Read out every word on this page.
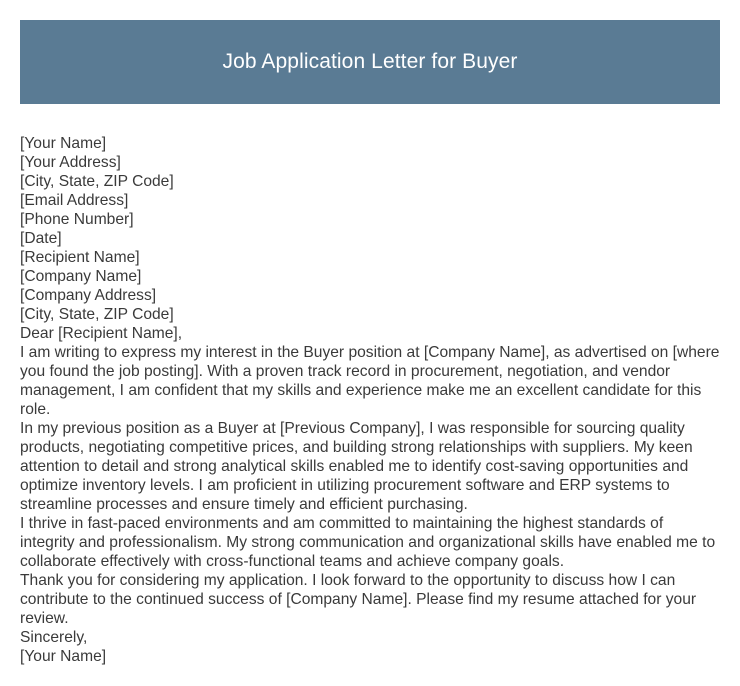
Job Application Letter for Buyer
[Your Name]
[Your Address]
[City, State, ZIP Code]
[Email Address]
[Phone Number]
[Date]
[Recipient Name]
[Company Name]
[Company Address]
[City, State, ZIP Code]
Dear [Recipient Name],
I am writing to express my interest in the Buyer position at [Company Name], as advertised on [where you found the job posting]. With a proven track record in procurement, negotiation, and vendor management, I am confident that my skills and experience make me an excellent candidate for this role.
In my previous position as a Buyer at [Previous Company], I was responsible for sourcing quality products, negotiating competitive prices, and building strong relationships with suppliers. My keen attention to detail and strong analytical skills enabled me to identify cost-saving opportunities and optimize inventory levels. I am proficient in utilizing procurement software and ERP systems to streamline processes and ensure timely and efficient purchasing.
I thrive in fast-paced environments and am committed to maintaining the highest standards of integrity and professionalism. My strong communication and organizational skills have enabled me to collaborate effectively with cross-functional teams and achieve company goals.
Thank you for considering my application. I look forward to the opportunity to discuss how I can contribute to the continued success of [Company Name]. Please find my resume attached for your review.
Sincerely,
[Your Name]
